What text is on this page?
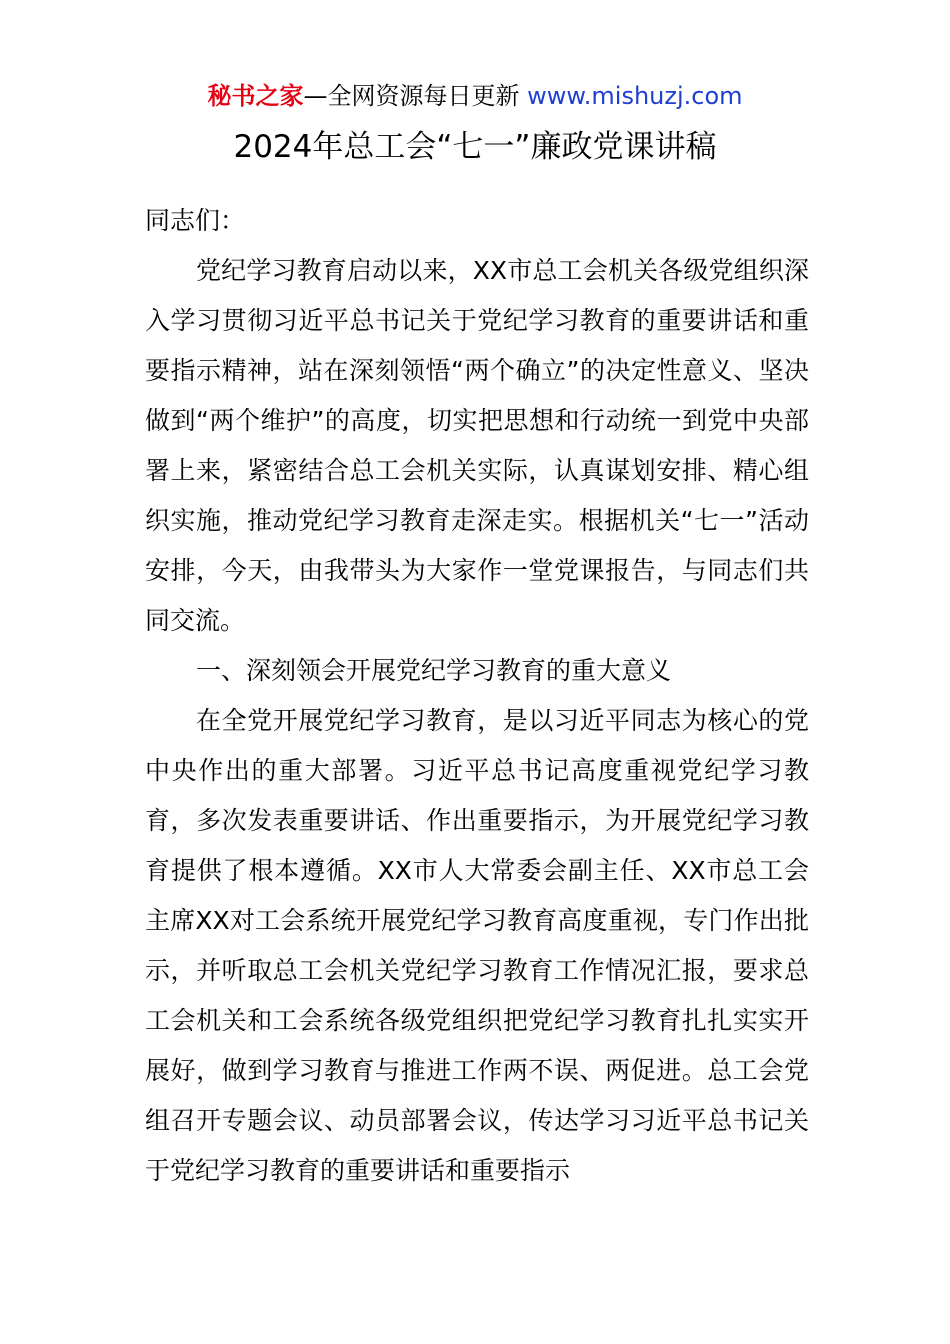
秘书之家—全网资源每日更新 www.mishuzj.com
2024年总工会“七一”廉政党课讲稿

同志们：

党纪学习教育启动以来，XX市总工会机关各级党组织深入学习贯彻习近平总书记关于党纪学习教育的重要讲话和重要指示精神，站在深刻领悟“两个确立”的决定性意义、坚决做到“两个维护”的高度，切实把思想和行动统一到党中央部署上来，紧密结合总工会机关实际，认真谋划安排、精心组织实施，推动党纪学习教育走深走实。根据机关“七一”活动安排，今天，由我带头为大家作一堂党课报告，与同志们共同交流。

一、深刻领会开展党纪学习教育的重大意义

在全党开展党纪学习教育，是以习近平同志为核心的党中央作出的重大部署。习近平总书记高度重视党纪学习教育，多次发表重要讲话、作出重要指示，为开展党纪学习教育提供了根本遵循。XX市人大常委会副主任、XX市总工会主席XX对工会系统开展党纪学习教育高度重视，专门作出批示，并听取总工会机关党纪学习教育工作情况汇报，要求总工会机关和工会系统各级党组织把党纪学习教育扎扎实实开展好，做到学习教育与推进工作两不误、两促进。总工会党组召开专题会议、动员部署会议，传达学习习近平总书记关于党纪学习教育的重要讲话和重要指示
